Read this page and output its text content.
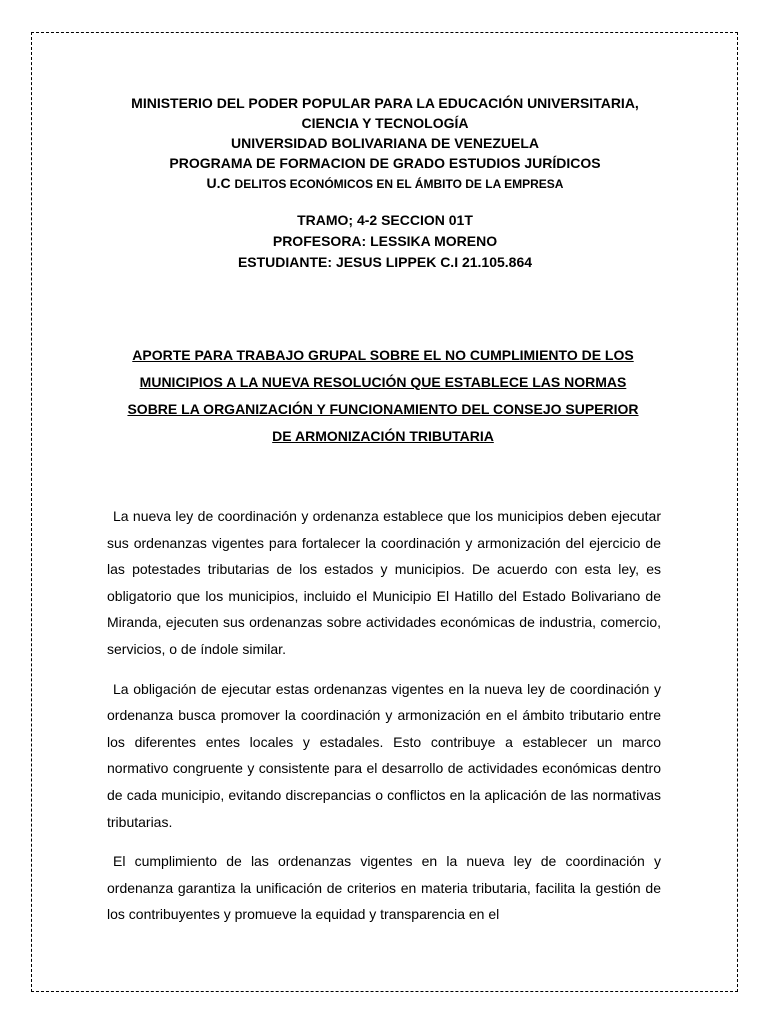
MINISTERIO DEL PODER POPULAR PARA LA EDUCACIÓN UNIVERSITARIA,
CIENCIA Y TECNOLOGÍA
UNIVERSIDAD BOLIVARIANA DE VENEZUELA
PROGRAMA DE FORMACION DE GRADO ESTUDIOS JURÍDICOS
U.C DELITOS ECONÓMICOS EN EL ÁMBITO DE LA EMPRESA
TRAMO; 4-2 SECCION 01T
PROFESORA: LESSIKA MORENO
ESTUDIANTE: JESUS LIPPEK C.I 21.105.864
APORTE PARA TRABAJO GRUPAL SOBRE EL NO CUMPLIMIENTO DE LOS
MUNICIPIOS A LA NUEVA RESOLUCIÓN QUE ESTABLECE LAS NORMAS
SOBRE LA ORGANIZACIÓN Y FUNCIONAMIENTO DEL CONSEJO SUPERIOR
DE ARMONIZACIÓN TRIBUTARIA

La nueva ley de coordinación y ordenanza establece que los municipios deben ejecutar sus ordenanzas vigentes para fortalecer la coordinación y armonización del ejercicio de las potestades tributarias de los estados y municipios. De acuerdo con esta ley, es obligatorio que los municipios, incluido el Municipio El Hatillo del Estado Bolivariano de Miranda, ejecuten sus ordenanzas sobre actividades económicas de industria, comercio, servicios, o de índole similar.

La obligación de ejecutar estas ordenanzas vigentes en la nueva ley de coordinación y ordenanza busca promover la coordinación y armonización en el ámbito tributario entre los diferentes entes locales y estadales. Esto contribuye a establecer un marco normativo congruente y consistente para el desarrollo de actividades económicas dentro de cada municipio, evitando discrepancias o conflictos en la aplicación de las normativas tributarias.

El cumplimiento de las ordenanzas vigentes en la nueva ley de coordinación y ordenanza garantiza la unificación de criterios en materia tributaria, facilita la gestión de los contribuyentes y promueve la equidad y transparencia en el
